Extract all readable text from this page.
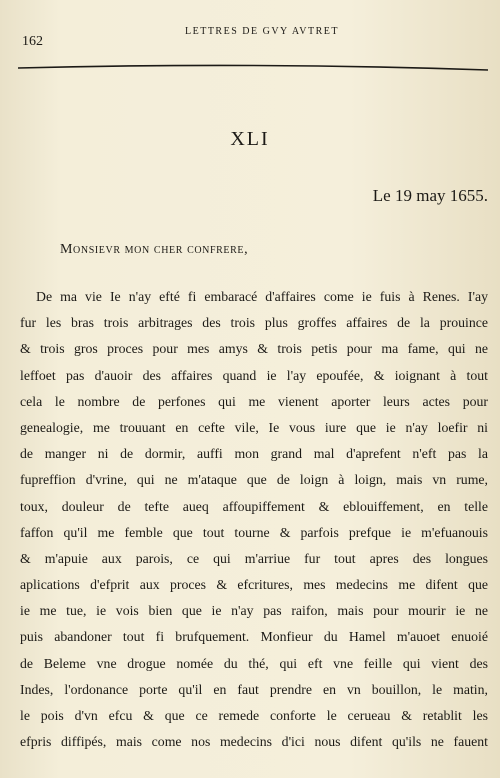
162
LETTRES DE GVY AVTRET
XLI
Le 19 may 1655.
Monsievr mon cher confrere,
De ma vie Ie n'ay efté fi embaracé d'affaires come ie fuis à Renes. I'ay
fur les bras trois arbitrages des trois plus groffes affaires de la prouince
& trois gros proces pour mes amys & trois petis pour ma fame, qui ne
leffoet pas d'auoir des affaires quand ie l'ay epoufée, & ioignant à tout
cela le nombre de perfones qui me vienent aporter leurs actes pour
genealogie, me trouuant en cefte vile, Ie vous iure que ie n'ay loefir ni
de manger ni de dormir, auffi mon grand mal d'aprefent n'eft pas la
fupreffion d'vrine, qui ne m'ataque que de loign à loign, mais vn rume,
toux, douleur de tefte aueq affoupiffement & eblouiffement, en telle
faffon qu'il me femble que tout tourne & parfois prefque ie m'efuanouis
& m'apuie aux parois, ce qui m'arriue fur tout apres des longues
aplications d'efprit aux proces & efcritures, mes medecins me difent que
ie me tue, ie vois bien que ie n'ay pas raifon, mais pour mourir ie ne
puis abandoner tout fi brufquement. Monfieur du Hamel m'auoet enuoié
de Beleme vne drogue nomée du thé, qui eft vne feille qui vient des
Indes, l'ordonance porte qu'il en faut prendre en vn bouillon, le matin,
le pois d'vn efcu & que ce remede conforte le cerueau & retablit les
efpris diffipés, mais come nos medecins d'ici nous difent qu'ils ne fauent
